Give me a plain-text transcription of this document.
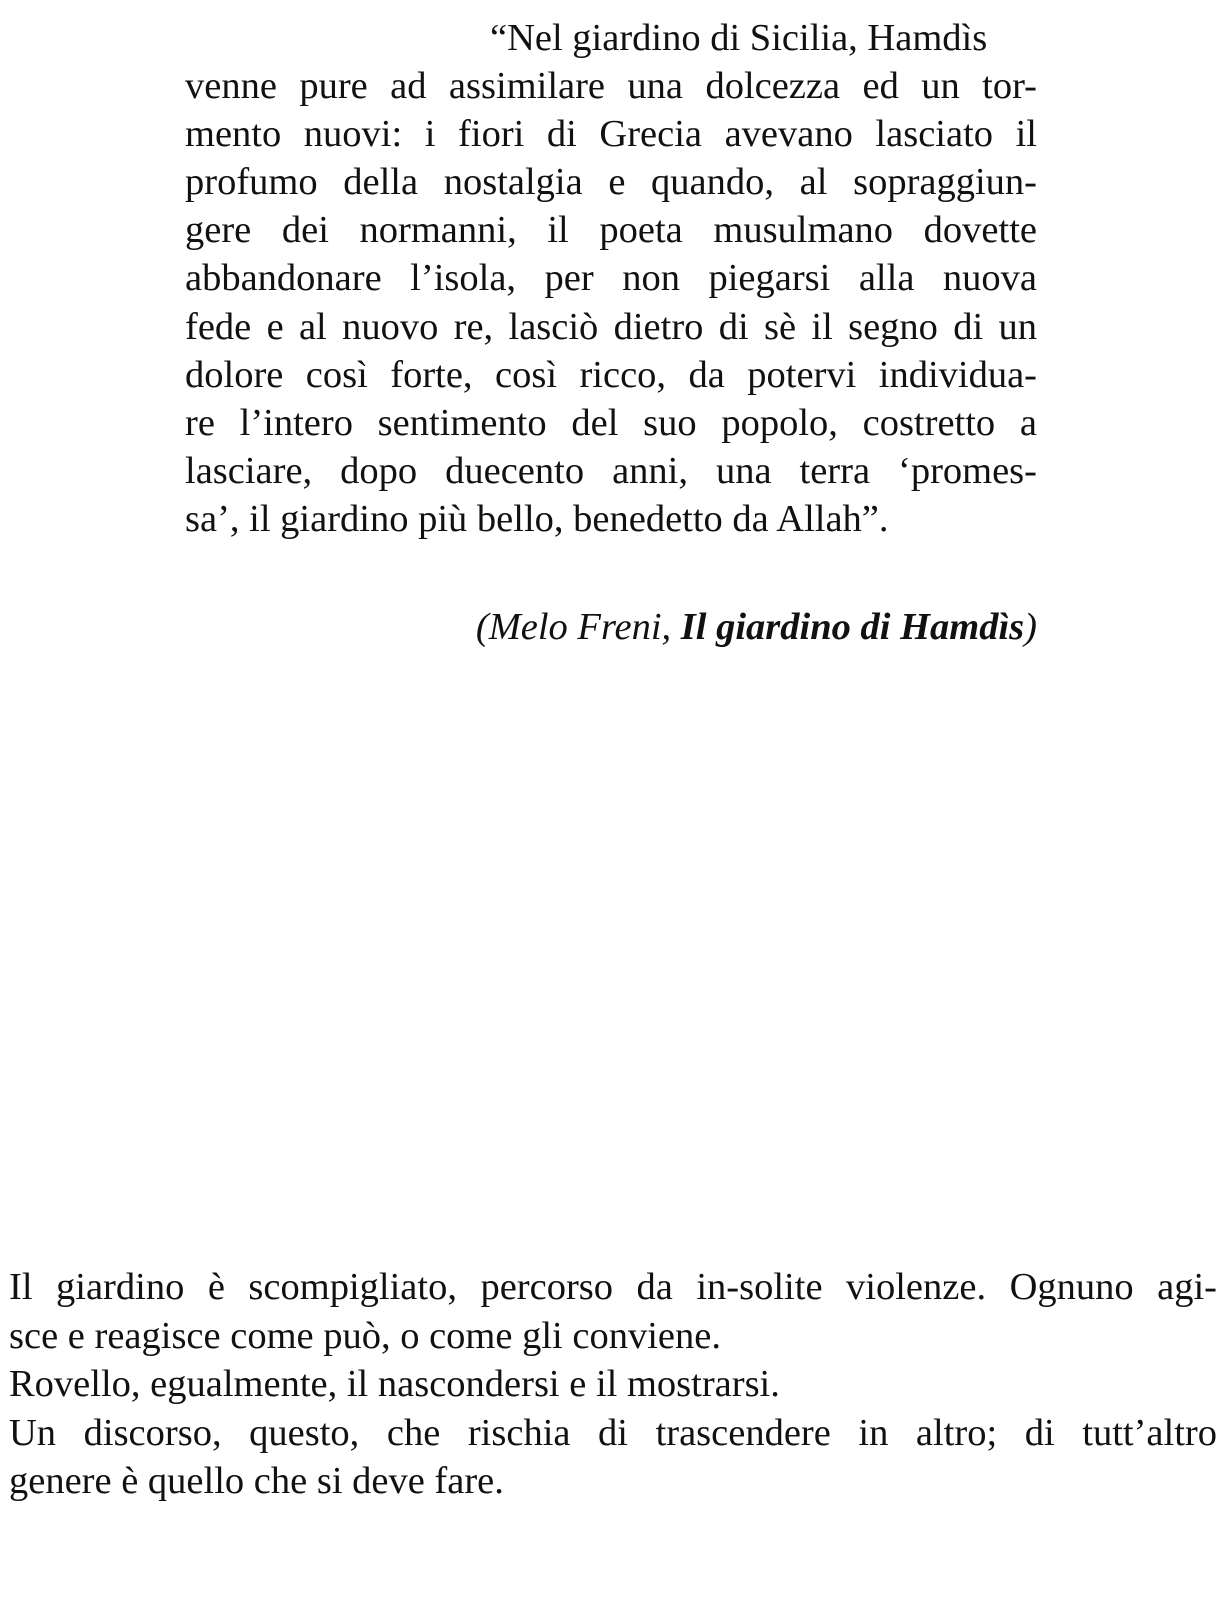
“Nel giardino di Sicilia, Hamdìs
venne pure ad assimilare una dolcezza ed un tor-
mento nuovi: i fiori di Grecia avevano lasciato il
profumo della nostalgia e quando, al sopraggiun-
gere dei normanni, il poeta musulmano dovette
abbandonare l’isola, per non piegarsi alla nuova
fede e al nuovo re, lasciò dietro di sè il segno di un
dolore così forte, così ricco, da potervi individua-
re l’intero sentimento del suo popolo, costretto a
lasciare, dopo duecento anni, una terra ‘promes-
sa’, il giardino più bello, benedetto da Allah”.
(Melo Freni, Il giardino di Hamdìs)
Il giardino è scompigliato, percorso da in-solite violenze. Ognuno agi-
sce e reagisce come può, o come gli conviene.
Rovello, egualmente, il nascondersi e il mostrarsi.
Un discorso, questo, che rischia di trascendere in altro; di tutt’altro
genere è quello che si deve fare.
